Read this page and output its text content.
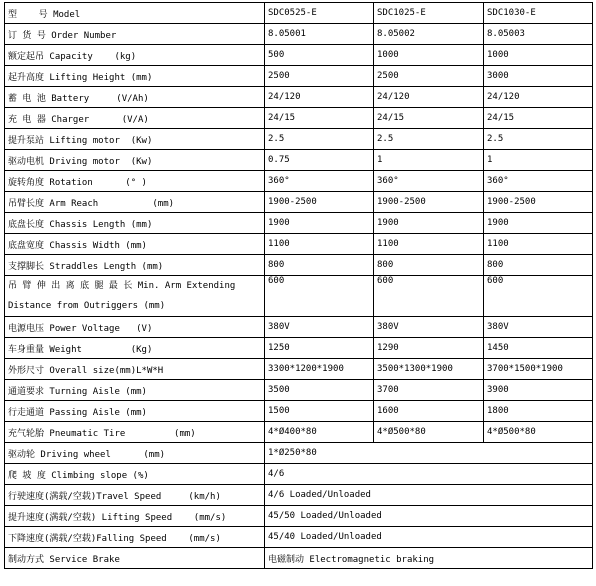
型    号 Model	SDC0525-E	SDC1025-E	SDC1030-E
订 货 号 Order Number	8.05001	8.05002	8.05003
额定起吊 Capacity    (kg)	500	1000	1000
起升高度 Lifting Height (mm)	2500	2500	3000
蓄 电 池 Battery     (V/Ah)	24/120	24/120	24/120
充 电 器 Charger      (V/A)	24/15	24/15	24/15
提升泵站 Lifting motor  (Kw)	2.5	2.5	2.5
驱动电机 Driving motor  (Kw)	0.75	1	1
旋转角度 Rotation      (° )	360°	360°	360°
吊臂长度 Arm Reach          (mm)	1900-2500	1900-2500	1900-2500
底盘长度 Chassis Length (mm)	1900	1900	1900
底盘宽度 Chassis Width (mm)	1100	1100	1100
支撑脚长 Straddles Length (mm)	800	800	800
吊 臂 伸 出 离 底 腿 最 长 Min. Arm Extending Distance from Outriggers (mm)	600	600	600
电源电压 Power Voltage   (V)	380V	380V	380V
车身重量 Weight         (Kg)	1250	1290	1450
外形尺寸 Overall size(mm)L*W*H	3300*1200*1900	3500*1300*1900	3700*1500*1900
通道要求 Turning Aisle (mm)	3500	3700	3900
行走通道 Passing Aisle (mm)	1500	1600	1800
充气轮胎 Pneumatic Tire         (mm)	4*Ø400*80	4*Ø500*80	4*Ø500*80
驱动轮 Driving wheel      (mm)	1*Ø250*80		
爬 坡 度 Climbing slope (%)	4/6		
行驶速度(满载/空载)Travel Speed     (km/h)	4/6 Loaded/Unloaded		
提升速度(满载/空载) Lifting Speed    (mm/s)	45/50 Loaded/Unloaded		
下降速度(满载/空载)Falling Speed    (mm/s)	45/40 Loaded/Unloaded		
制动方式 Service Brake	电磁制动 Electromagnetic braking		
